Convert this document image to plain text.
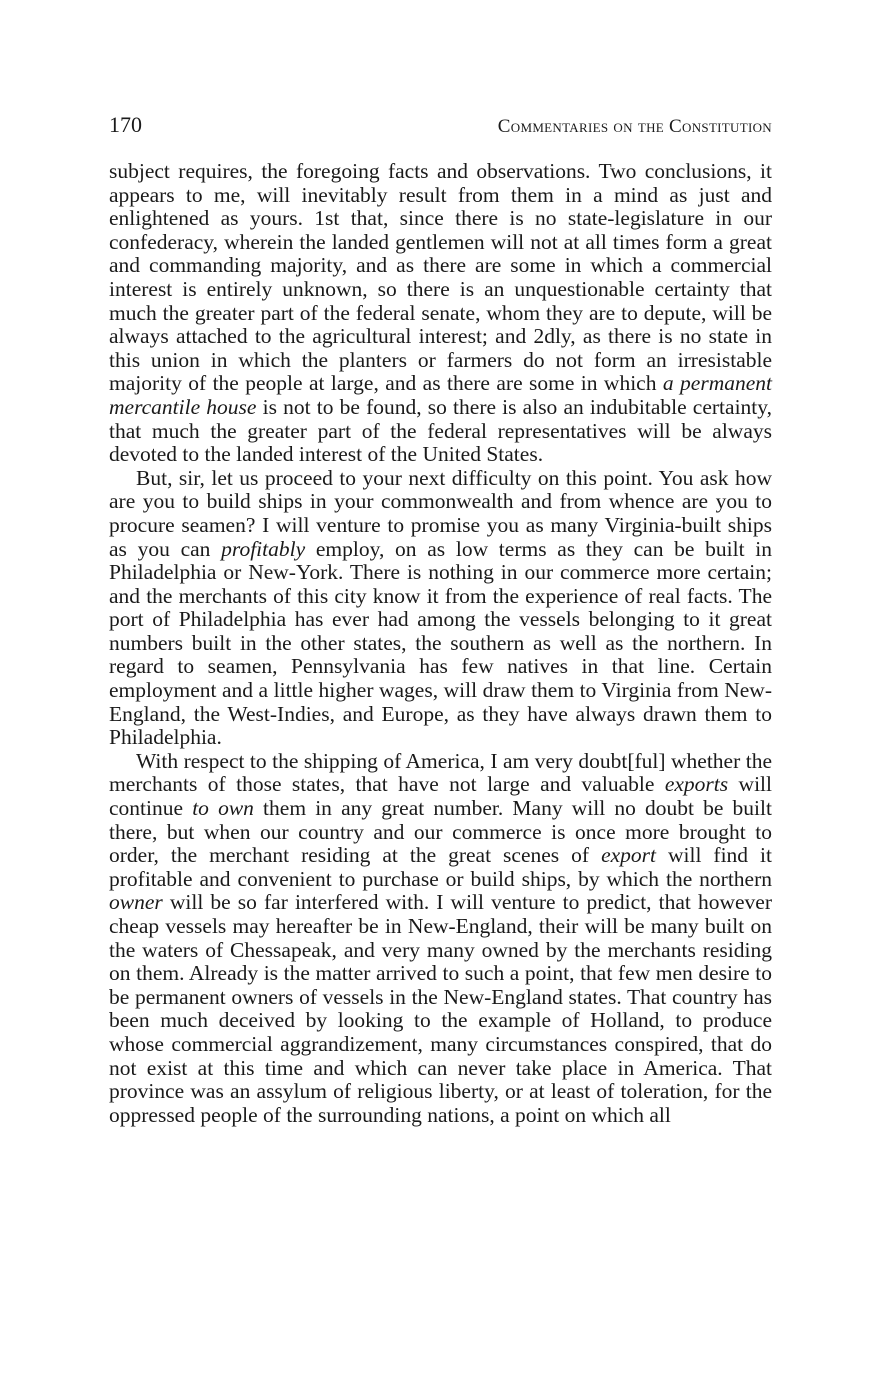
170	Commentaries on the Constitution

subject requires, the foregoing facts and observations. Two conclusions, it appears to me, will inevitably result from them in a mind as just and enlightened as yours. 1st that, since there is no state-legislature in our confederacy, wherein the landed gentlemen will not at all times form a great and commanding majority, and as there are some in which a commercial interest is entirely unknown, so there is an unquestionable certainty that much the greater part of the federal senate, whom they are to depute, will be always attached to the agricultural interest; and 2dly, as there is no state in this union in which the planters or farmers do not form an irresistable majority of the people at large, and as there are some in which a permanent mercantile house is not to be found, so there is also an indubitable certainty, that much the greater part of the federal representatives will be always devoted to the landed interest of the United States.

But, sir, let us proceed to your next difficulty on this point. You ask how are you to build ships in your commonwealth and from whence are you to procure seamen? I will venture to promise you as many Virginia-built ships as you can profitably employ, on as low terms as they can be built in Philadelphia or New-York. There is nothing in our commerce more certain; and the merchants of this city know it from the experience of real facts. The port of Philadelphia has ever had among the vessels belonging to it great numbers built in the other states, the southern as well as the northern. In regard to seamen, Pennsylvania has few natives in that line. Certain employment and a little higher wages, will draw them to Virginia from New-England, the West-Indies, and Europe, as they have always drawn them to Philadelphia.

With respect to the shipping of America, I am very doubt[ful] whether the merchants of those states, that have not large and valuable exports will continue to own them in any great number. Many will no doubt be built there, but when our country and our commerce is once more brought to order, the merchant residing at the great scenes of export will find it profitable and convenient to purchase or build ships, by which the northern owner will be so far interfered with. I will venture to predict, that however cheap vessels may hereafter be in New-England, their will be many built on the waters of Chessapeak, and very many owned by the merchants residing on them. Already is the matter arrived to such a point, that few men desire to be permanent owners of vessels in the New-England states. That country has been much deceived by looking to the example of Holland, to produce whose commercial aggrandizement, many circumstances conspired, that do not exist at this time and which can never take place in America. That province was an assylum of religious liberty, or at least of toleration, for the oppressed people of the surrounding nations, a point on which all
